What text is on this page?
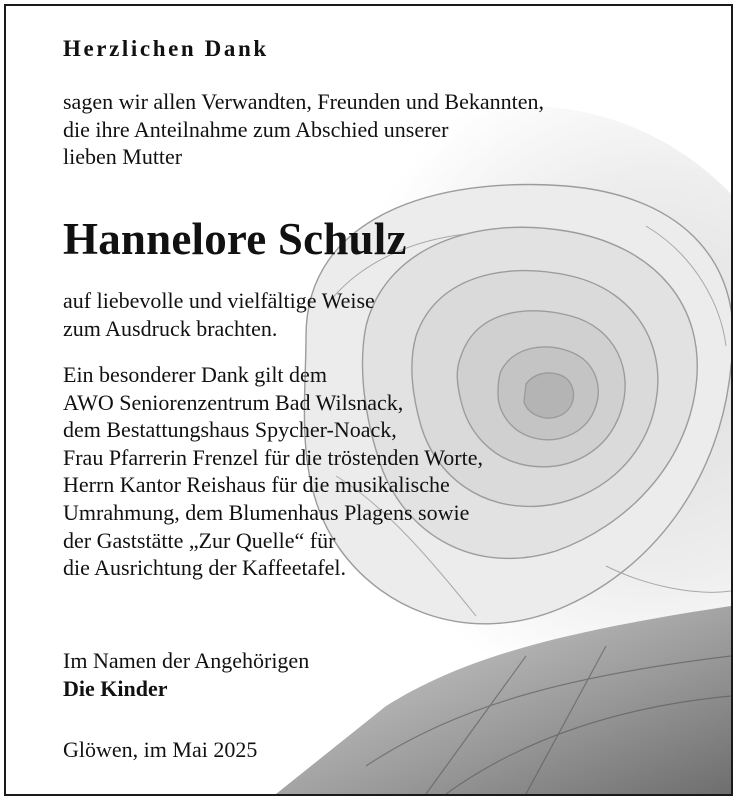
Herzlichen Dank

sagen wir allen Verwandten, Freunden und Bekannten,
die ihre Anteilnahme zum Abschied unserer
lieben Mutter

Hannelore Schulz

auf liebevolle und vielfältige Weise
zum Ausdruck brachten.

Ein besonderer Dank gilt dem
AWO Seniorenzentrum Bad Wilsnack,
dem Bestattungshaus Spycher-Noack,
Frau Pfarrerin Frenzel für die tröstenden Worte,
Herrn Kantor Reishaus für die musikalische
Umrahmung, dem Blumenhaus Plagens sowie
der Gaststätte „Zur Quelle“ für
die Ausrichtung der Kaffeetafel.

Im Namen der Angehörigen
Die Kinder

Glöwen, im Mai 2025
